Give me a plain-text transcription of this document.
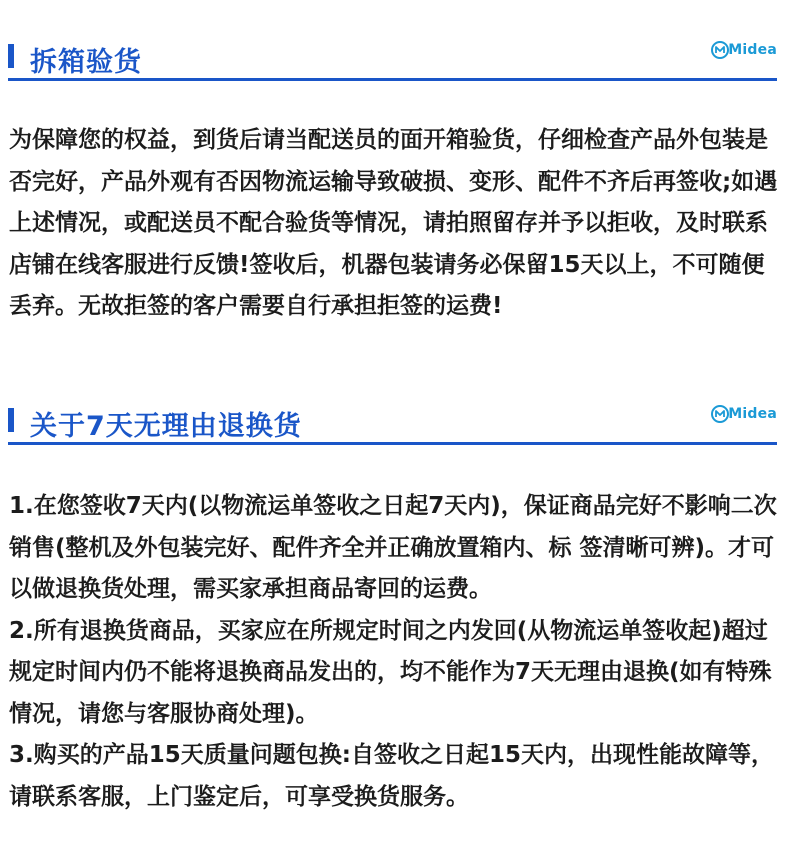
拆箱验货	Midea

为保障您的权益，到货后请当配送员的面开箱验货，仔细检查产品外包装是否完好，产品外观有否因物流运输导致破损、变形、配件不齐后再签收;如遇上述情况，或配送员不配合验货等情况，请拍照留存并予以拒收，及时联系店铺在线客服进行反馈!签收后，机器包装请务必保留15天以上，不可随便丢弃。无故拒签的客户需要自行承担拒签的运费!

关于7天无理由退换货	Midea

1.在您签收7天内(以物流运单签收之日起7天内)，保证商品完好不影响二次销售(整机及外包装完好、配件齐全并正确放置箱内、标 签清晰可辨)。才可以做退换货处理，需买家承担商品寄回的运费。

2.所有退换货商品，买家应在所规定时间之内发回(从物流运单签收起)超过规定时间内仍不能将退换商品发出的，均不能作为7天无理由退换(如有特殊情况，请您与客服协商处理)。

3.购买的产品15天质量问题包换:自签收之日起15天内，出现性能故障等，请联系客服，上门鉴定后，可享受换货服务。
